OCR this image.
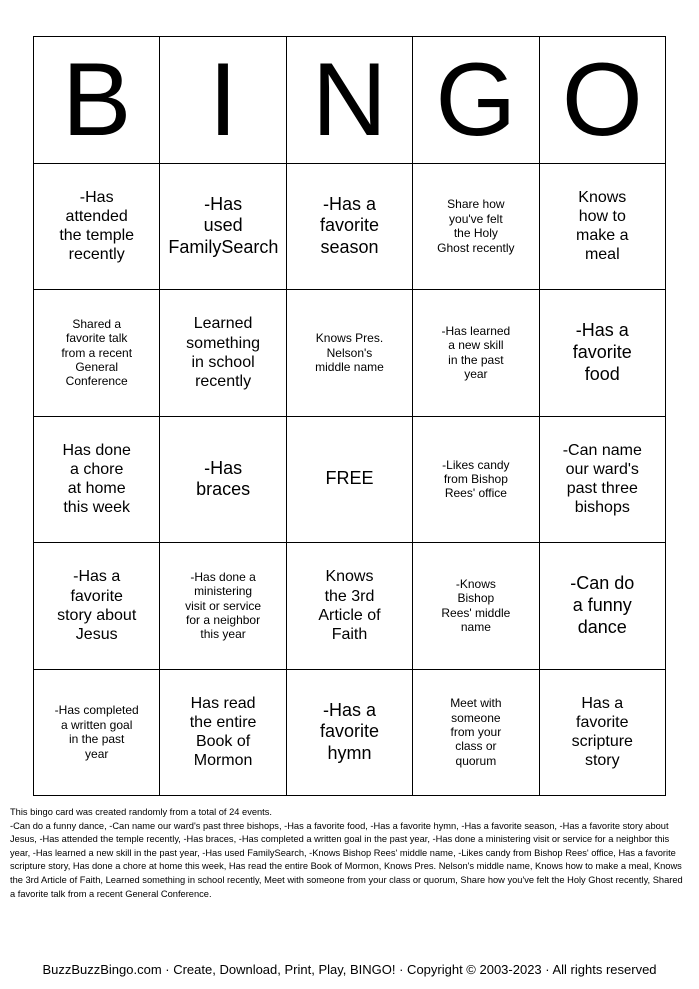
B	I	N	G	O

-Has
attended
the temple
recently	-Has
used
FamilySearch	-Has a
favorite
season	Share how
you've felt
the Holy
Ghost recently	Knows
how to
make a
meal

Shared a
favorite talk
from a recent
General
Conference	Learned
something
in school
recently	Knows Pres.
Nelson's
middle name	-Has learned
a new skill
in the past
year	-Has a
favorite
food

Has done
a chore
at home
this week	-Has
braces	FREE	-Likes candy
from Bishop
Rees' office	-Can name
our ward's
past three
bishops

-Has a
favorite
story about
Jesus	-Has done a
ministering
visit or service
for a neighbor
this year	Knows
the 3rd
Article of
Faith	-Knows
Bishop
Rees' middle
name	-Can do
a funny
dance

-Has completed
a written goal
in the past
year	Has read
the entire
Book of
Mormon	-Has a
favorite
hymn	Meet with
someone
from your
class or
quorum	Has a
favorite
scripture
story

This bingo card was created randomly from a total of 24 events.

-Can do a funny dance, -Can name our ward's past three bishops, -Has a favorite food, -Has a favorite hymn, -Has a favorite season, -Has a favorite story about Jesus, -Has attended the temple recently, -Has braces, -Has completed a written goal in the past year, -Has done a ministering visit or service for a neighbor this year, -Has learned a new skill in the past year, -Has used FamilySearch, -Knows Bishop Rees' middle name, -Likes candy from Bishop Rees' office, Has a favorite scripture story, Has done a chore at home this week, Has read the entire Book of Mormon, Knows Pres. Nelson's middle name, Knows how to make a meal, Knows the 3rd Article of Faith, Learned something in school recently, Meet with someone from your class or quorum, Share how you've felt the Holy Ghost recently, Shared a favorite talk from a recent General Conference.

BuzzBuzzBingo.com · Create, Download, Print, Play, BINGO! · Copyright © 2003-2023 · All rights reserved
